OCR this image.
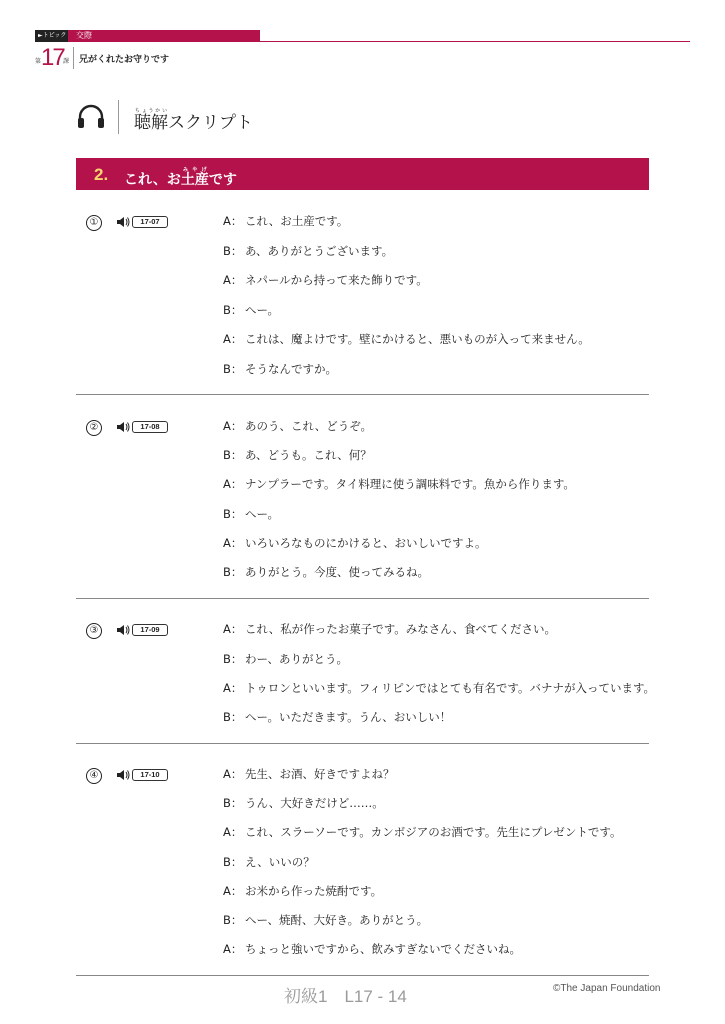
►トピック	交際
第 17 課 兄がくれたお守りです
聴解ちょうかいスクリプト
2. これ、お土産みやげです
①	17-07	A： これ、お土産です。
B： あ、ありがとうございます。
A： ネパールから持って来た飾りです。
B： へー。
A： これは、魔よけです。壁にかけると、悪いものが入って来ません。
B： そうなんですか。
②	17-08	A： あのう、これ、どうぞ。
B： あ、どうも。これ、何？
A： ナンプラーです。タイ料理に使う調味料です。魚から作ります。
B： へー。
A： いろいろなものにかけると、おいしいですよ。
B： ありがとう。今度、使ってみるね。
③	17-09	A： これ、私が作ったお菓子です。みなさん、食べてください。
B： わー、ありがとう。
A： トゥロンといいます。フィリピンではとても有名です。バナナが入っています。
B： へー。いただきます。うん、おいしい！
④	17-10	A： 先生、お酒、好きですよね？
B： うん、大好きだけど……。
A： これ、スラーソーです。カンボジアのお酒です。先生にプレゼントです。
B： え、いいの？
A： お米から作った焼酎です。
B： へー、焼酎、大好き。ありがとう。
A： ちょっと強いですから、飲みすぎないでくださいね。
初級1　L17 - 14	©The Japan Foundation
